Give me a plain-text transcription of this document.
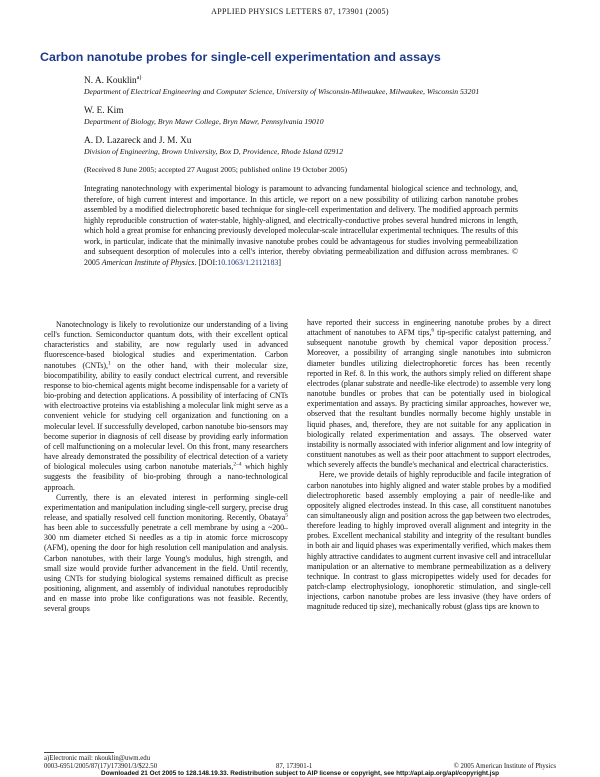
APPLIED PHYSICS LETTERS 87, 173901 (2005)
Carbon nanotube probes for single-cell experimentation and assays
N. A. Kouklin$^{a)}$
Department of Electrical Engineering and Computer Science, University of Wisconsin-Milwaukee, Milwaukee, Wisconsin 53201
W. E. Kim
Department of Biology, Bryn Mawr College, Bryn Mawr, Pennsylvania 19010
A. D. Lazareck and J. M. Xu
Division of Engineering, Brown University, Box D, Providence, Rhode Island 02912
(Received 8 June 2005; accepted 27 August 2005; published online 19 October 2005)
Integrating nanotechnology with experimental biology is paramount to advancing fundamental biological science and technology, and, therefore, of high current interest and importance. In this article, we report on a new possibility of utilizing carbon nanotube probes assembled by a modified dielectrophoretic based technique for single-cell experimentation and delivery. The modified approach permits highly reproducible construction of water-stable, highly-aligned, and electrically-conductive probes several hundred microns in length, which hold a great promise for enhancing previously developed molecular-scale intracellular experimental techniques. The results of this work, in particular, indicate that the minimally invasive nanotube probes could be advantageous for studies involving permeabilization and subsequent desorption of molecules into a cell's interior, thereby obviating permeabilization and diffusion across membranes. © 2005 American Institute of Physics. [DOI:10.1063/1.2112183]

Nanotechnology is likely to revolutionize our understanding of a living cell's function. Semiconductor quantum dots, with their excellent optical characteristics and stability, are now regularly used in advanced fluorescence-based biological studies and experimentation. Carbon nanotubes (CNTs),$^1$ on the other hand, with their molecular size, biocompatibility, ability to easily conduct electrical current, and reversible response to bio-chemical agents might become indispensable for a variety of bio-probing and detection applications. A possibility of interfacing of CNTs with electroactive proteins via establishing a molecular link might serve as a convenient vehicle for studying cell organization and functioning on a molecular level. If successfully developed, carbon nanotube bio-sensors may become superior in diagnosis of cell disease by providing early information of cell malfunctioning on a molecular level. On this front, many researchers have already demonstrated the possibility of electrical detection of a variety of biological molecules using carbon nanotube materials,$^{2-4}$ which highly suggests the feasibility of bio-probing through a nano-technological approach.

Currently, there is an elevated interest in performing single-cell experimentation and manipulation including single-cell surgery, precise drug release, and spatially resolved cell function monitoring. Recently, Obataya$^5$ has been able to successfully penetrate a cell membrane by using a ~200–300 nm diameter etched Si needles as a tip in atomic force microscopy (AFM), opening the door for high resolution cell manipulation and analysis. Carbon nanotubes, with their large Young's modulus, high strength, and small size would provide further advancement in the field. Until recently, using CNTs for studying biological systems remained difficult as precise positioning, alignment, and assembly of individual nanotubes reproducibly and en masse into probe like configurations was not feasible. Recently, several groups

have reported their success in engineering nanotube probes by a direct attachment of nanotubes to AFM tips,$^6$ tip-specific catalyst patterning, and subsequent nanotube growth by chemical vapor deposition process.$^7$ Moreover, a possibility of arranging single nanotubes into submicron diameter bundles utilizing dielectrophoretic forces has been recently reported in Ref. 8. In this work, the authors simply relied on different shape electrodes (planar substrate and needle-like electrode) to assemble very long nanotube bundles or probes that can be potentially used in biological experimentation and assays. By practicing similar approaches, however we, observed that the resultant bundles normally become highly unstable in liquid phases, and, therefore, they are not suitable for any application in biologically related experimentation and assays. The observed water instability is normally associated with inferior alignment and low integrity of constituent nanotubes as well as their poor attachment to support electrodes, which severely affects the bundle's mechanical and electrical characteristics.

Here, we provide details of highly reproducible and facile integration of carbon nanotubes into highly aligned and water stable probes by a modified dielectrophoretic based assembly employing a pair of needle-like and oppositely aligned electrodes instead. In this case, all constituent nanotubes can simultaneously align and position across the gap between two electrodes, therefore leading to highly improved overall alignment and integrity in the probes. Excellent mechanical stability and integrity of the resultant bundles in both air and liquid phases was experimentally verified, which makes them highly attractive candidates to augment current invasive cell and intracellular manipulation or an alternative to membrane permeabilization as a delivery technique. In contrast to glass micropipettes widely used for decades for patch-clamp electrophysiology, ionophoretic stimulation, and single-cell injections, carbon nanotube probes are less invasive (they have orders of magnitude reduced tip size), mechanically robust (glass tips are known to

a)Electronic mail: nkouklin@uwm.edu
0003-6951/2005/87(17)/173901/3/$22.50	87, 173901-1	© 2005 American Institute of Physics
Downloaded 21 Oct 2005 to 128.148.19.33. Redistribution subject to AIP license or copyright, see http://apl.aip.org/apl/copyright.jsp
